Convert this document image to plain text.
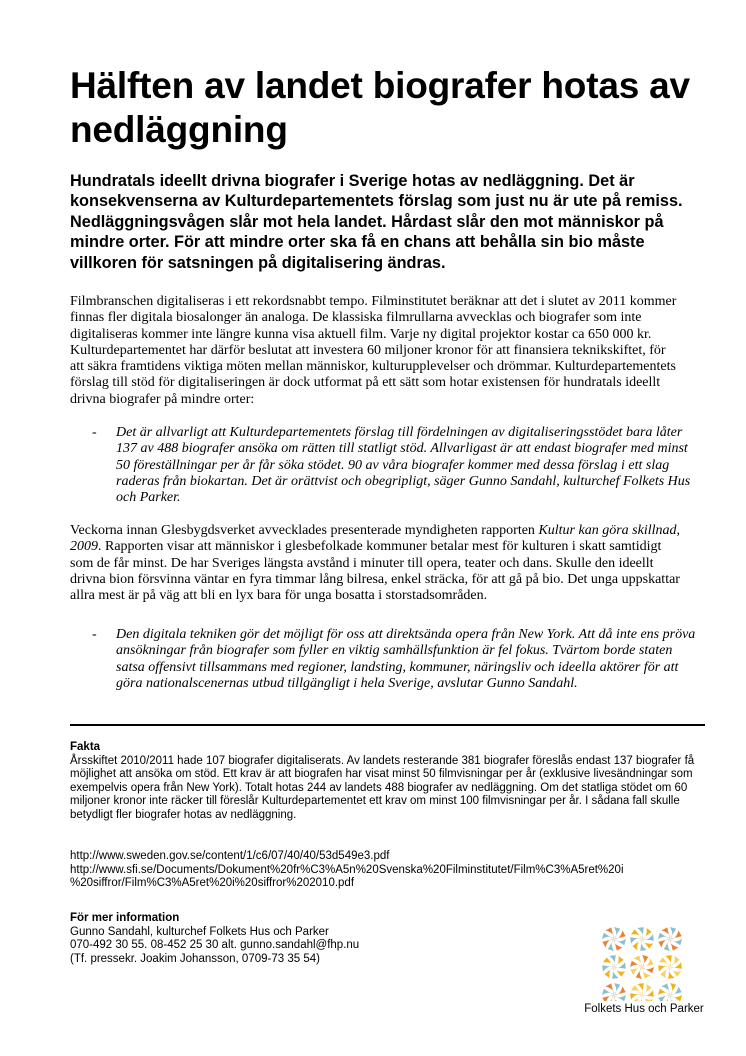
Hälften av landet biografer hotas av nedläggning

Hundratals ideellt drivna biografer i Sverige hotas av nedläggning. Det är konsekvenserna av Kulturdepartementets förslag som just nu är ute på remiss. Nedläggningsvågen slår mot hela landet. Hårdast slår den mot människor på mindre orter. För att mindre orter ska få en chans att behålla sin bio måste villkoren för satsningen på digitalisering ändras.

Filmbranschen digitaliseras i ett rekordsnabbt tempo. Filminstitutet beräknar att det i slutet av 2011 kommer finnas fler digitala biosalonger än analoga. De klassiska filmrullarna avvecklas och biografer som inte digitaliseras kommer inte längre kunna visa aktuell film. Varje ny digital projektor kostar ca 650 000 kr. Kulturdepartementet har därför beslutat att investera 60 miljoner kronor för att finansiera teknikskiftet, för att säkra framtidens viktiga möten mellan människor, kulturupplevelser och drömmar. Kulturdepartementets förslag till stöd för digitaliseringen är dock utformat på ett sätt som hotar existensen för hundratals ideellt drivna biografer på mindre orter:

-	Det är allvarligt att Kulturdepartementets förslag till fördelningen av digitaliseringsstödet bara låter 137 av 488 biografer ansöka om rätten till statligt stöd. Allvarligast är att endast biografer med minst 50 föreställningar per år får söka stödet. 90 av våra biografer kommer med dessa förslag i ett slag raderas från biokartan. Det är orättvist och obegripligt, säger Gunno Sandahl, kulturchef Folkets Hus och Parker.

Veckorna innan Glesbygdsverket avvecklades presenterade myndigheten rapporten Kultur kan göra skillnad, 2009. Rapporten visar att människor i glesbefolkade kommuner betalar mest för kulturen i skatt samtidigt som de får minst. De har Sveriges längsta avstånd i minuter till opera, teater och dans. Skulle den ideellt drivna bion försvinna väntar en fyra timmar lång bilresa, enkel sträcka, för att gå på bio. Det unga uppskattar allra mest är på väg att bli en lyx bara för unga bosatta i storstadsområden.

-	Den digitala tekniken gör det möjligt för oss att direktsända opera från New York. Att då inte ens pröva ansökningar från biografer som fyller en viktig samhällsfunktion är fel fokus. Tvärtom borde staten satsa offensivt tillsammans med regioner, landsting, kommuner, näringsliv och ideella aktörer för att göra nationalscenernas utbud tillgängligt i hela Sverige, avslutar Gunno Sandahl.
Fakta
Årsskiftet 2010/2011 hade 107 biografer digitaliserats. Av landets resterande 381 biografer föreslås endast 137 biografer få möjlighet att ansöka om stöd. Ett krav är att biografen har visat minst 50 filmvisningar per år (exklusive livesändningar som exempelvis opera från New York). Totalt hotas 244 av landets 488 biografer av nedläggning. Om det statliga stödet om 60 miljoner kronor inte räcker till föreslår Kulturdepartementet ett krav om minst 100 filmvisningar per år. I sådana fall skulle betydligt fler biografer hotas av nedläggning.
http://www.sweden.gov.se/content/1/c6/07/40/40/53d549e3.pdf
http://www.sfi.se/Documents/Dokument%20fr%C3%A5n%20Svenska%20Filminstitutet/Film%C3%A5ret%20i
%20siffror/Film%C3%A5ret%20i%20siffror%202010.pdf
För mer information
Gunno Sandahl, kulturchef Folkets Hus och Parker
070-492 30 55. 08-452 25 30 alt. gunno.sandahl@fhp.nu
(Tf. pressekr. Joakim Johansson, 0709-73 35 54)
Folkets Hus och Parker
